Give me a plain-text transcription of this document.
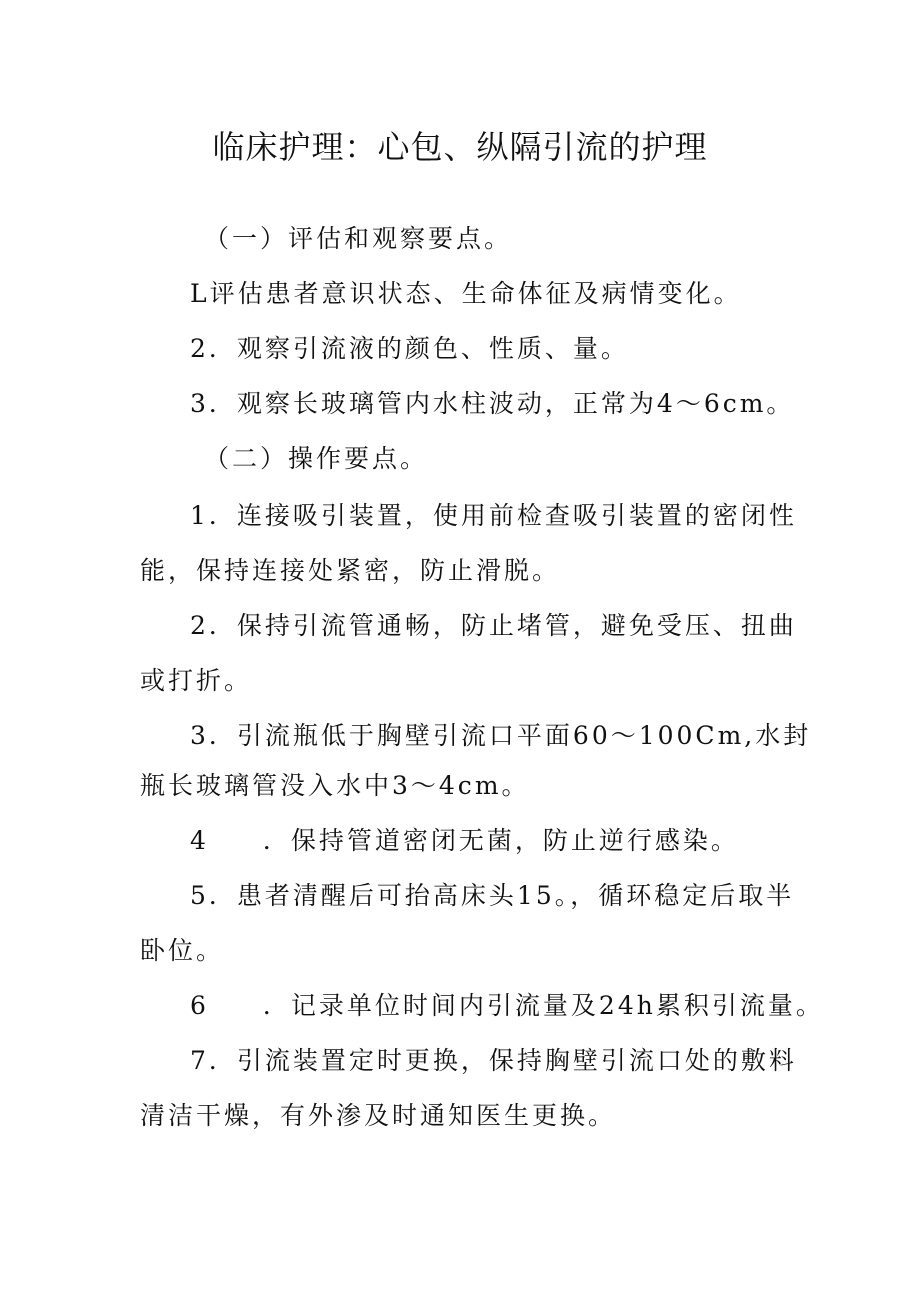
临床护理：心包、纵隔引流的护理
（一）评估和观察要点。
L评估患者意识状态、生命体征及病情变化。
2．观察引流液的颜色、性质、量。
3．观察长玻璃管内水柱波动，正常为4～6cm。
（二）操作要点。
1．连接吸引装置，使用前检查吸引装置的密闭性
能，保持连接处紧密，防止滑脱。
2．保持引流管通畅，防止堵管，避免受压、扭曲
或打折。
3．引流瓶低于胸壁引流口平面60～100Cm,水封
瓶长玻璃管没入水中3～4cm。
4 ．保持管道密闭无菌，防止逆行感染。
5．患者清醒后可抬高床头15。，循环稳定后取半
卧位。
6 ．记录单位时间内引流量及24h累积引流量。
7．引流装置定时更换，保持胸壁引流口处的敷料
清洁干燥，有外渗及时通知医生更换。
